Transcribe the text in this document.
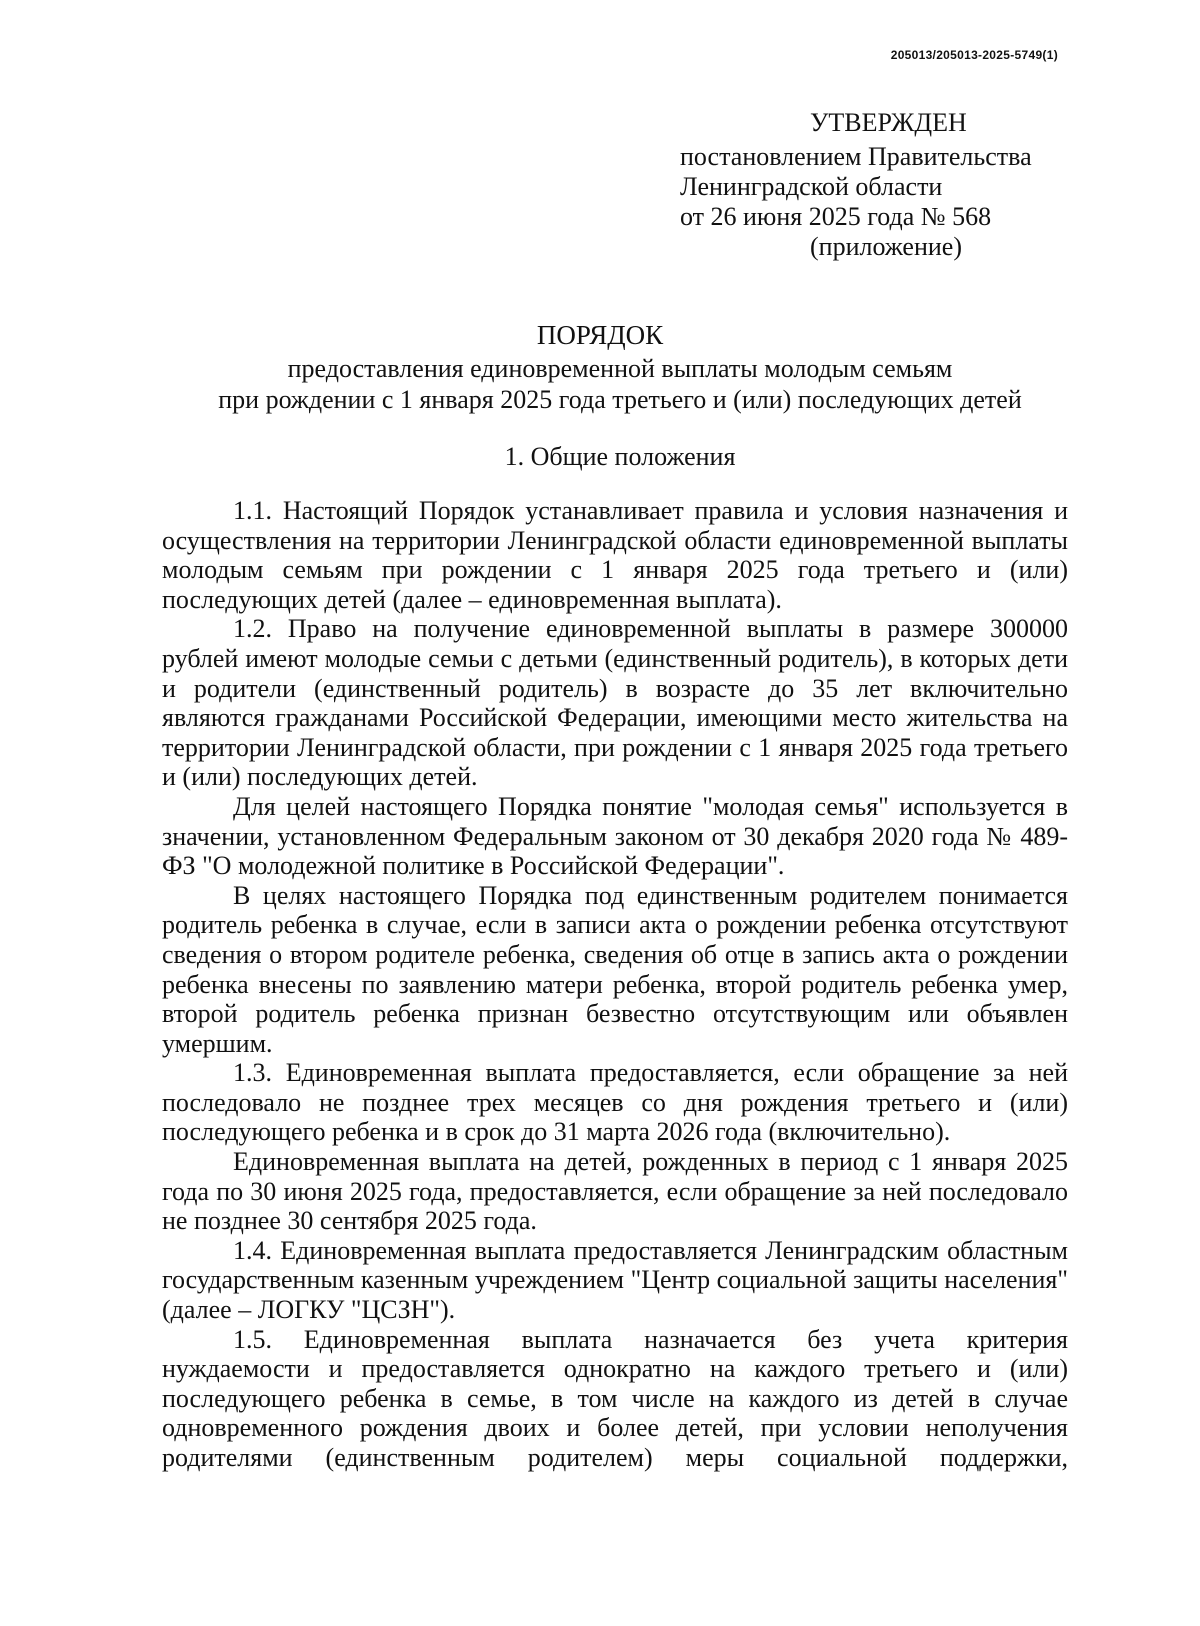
205013/205013-2025-5749(1)
УТВЕРЖДЕН
постановлением Правительства
Ленинградской области
от 26 июня 2025 года № 568
(приложение)
ПОРЯДОК
предоставления единовременной выплаты молодым семьям
при рождении с 1 января 2025 года третьего и (или) последующих детей
1. Общие положения

1.1. Настоящий Порядок устанавливает правила и условия назначения и осуществления на территории Ленинградской области единовременной выплаты молодым семьям при рождении с 1 января 2025 года третьего и (или) последующих детей (далее – единовременная выплата).

1.2. Право на получение единовременной выплаты в размере 300000 рублей имеют молодые семьи с детьми (единственный родитель), в которых дети и родители (единственный родитель) в возрасте до 35 лет включительно являются гражданами Российской Федерации, имеющими место жительства на территории Ленинградской области, при рождении с 1 января 2025 года третьего и (или) последующих детей.

Для целей настоящего Порядка понятие "молодая семья" используется в значении, установленном Федеральным законом от 30 декабря 2020 года № 489-ФЗ "О молодежной политике в Российской Федерации".

В целях настоящего Порядка под единственным родителем понимается родитель ребенка в случае, если в записи акта о рождении ребенка отсутствуют сведения о втором родителе ребенка, сведения об отце в запись акта о рождении ребенка внесены по заявлению матери ребенка, второй родитель ребенка умер, второй родитель ребенка признан безвестно отсутствующим или объявлен умершим.

1.3. Единовременная выплата предоставляется, если обращение за ней последовало не позднее трех месяцев со дня рождения третьего и (или) последующего ребенка и в срок до 31 марта 2026 года (включительно).

Единовременная выплата на детей, рожденных в период с 1 января 2025 года по 30 июня 2025 года, предоставляется, если обращение за ней последовало не позднее 30 сентября 2025 года.

1.4. Единовременная выплата предоставляется Ленинградским областным государственным казенным учреждением "Центр социальной защиты населения" (далее – ЛОГКУ "ЦСЗН").

1.5. Единовременная выплата назначается без учета критерия нуждаемости и предоставляется однократно на каждого третьего и (или) последующего ребенка в семье, в том числе на каждого из детей в случае одновременного рождения двоих и более детей, при условии неполучения родителями (единственным родителем) меры социальной поддержки,
